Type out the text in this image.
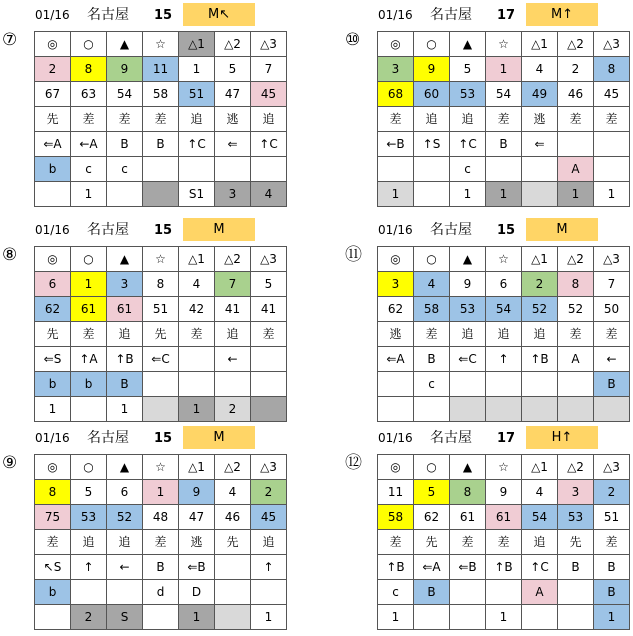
⑦
01/16 名古屋 15	M↖
◎	○	▲	☆	△1	△2	△3
2	8	9	11	1	5	7
67	63	54	58	51	47	45
先	差	差	差	追	逃	追
⇐A	←A	B	B	↑C	⇐	↑C
b	c	c				
	1			S1	3	4
⑩
01/16 名古屋 17	M↑
◎	○	▲	☆	△1	△2	△3
3	9	5	1	4	2	8
68	60	53	54	49	46	45
差	追	追	差	逃	差	差
←B	↑S	↑C	B	⇐		
		c			A	
1		1	1		1	1
⑧
01/16 名古屋 15	M
◎	○	▲	☆	△1	△2	△3
6	1	3	8	4	7	5
62	61	61	51	42	41	41
先	差	追	先	差	追	差
⇐S	↑A	↑B	⇐C		←	
b	b	B				
1		1		1	2	
⑪
01/16 名古屋 15	M
◎	○	▲	☆	△1	△2	△3
3	4	9	6	2	8	7
62	58	53	54	52	52	50
逃	差	追	追	追	差	差
⇐A	B	⇐C	↑	↑B	A	←
	c					B

⑨
01/16 名古屋 15	M
◎	○	▲	☆	△1	△2	△3
8	5	6	1	9	4	2
75	53	52	48	47	46	45
差	追	追	差	逃	先	追
↖S	↑	←	B	⇐B		↑
b			d	D		
	2	S		1		1
⑫
01/16 名古屋 17	H↑
◎	○	▲	☆	△1	△2	△3
11	5	8	9	4	3	2
58	62	61	61	54	53	51
差	先	差	差	追	先	差
↑B	⇐A	⇐B	↑B	↑C	B	B
c	B			A		B
1			1			1
